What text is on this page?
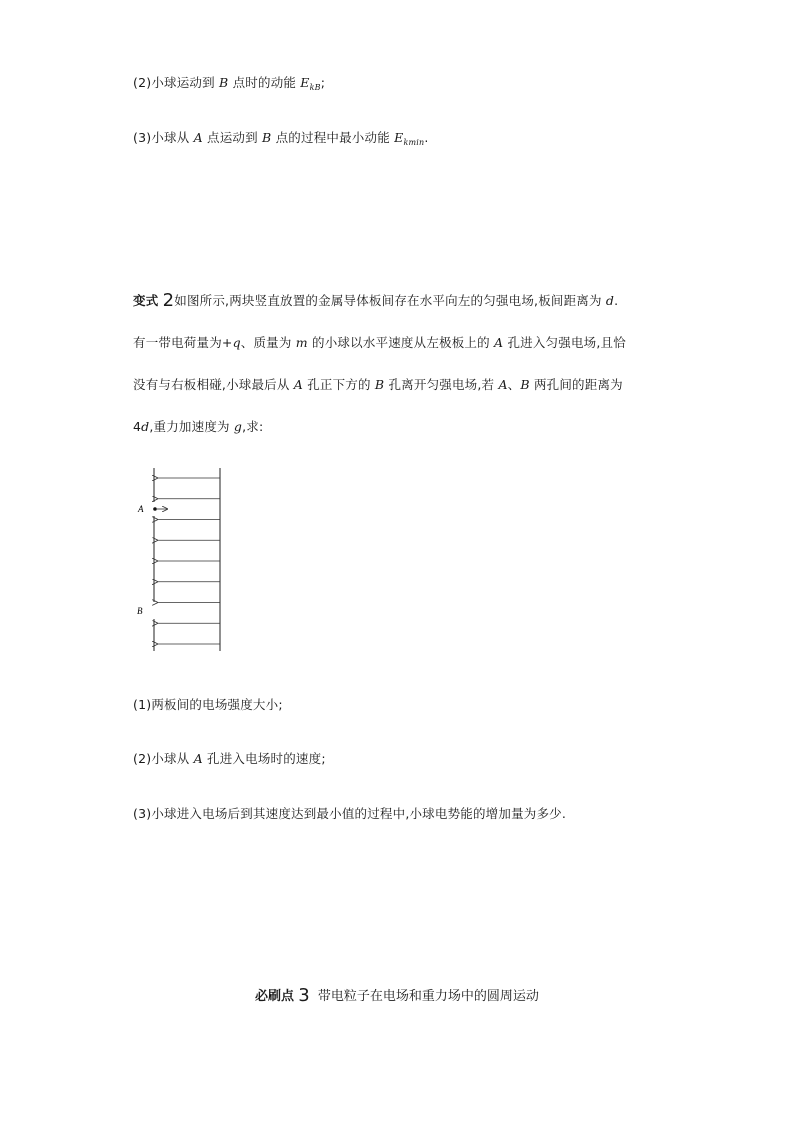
(2)小球运动到 B 点时的动能 $E_{kB}$;
(3)小球从 A 点运动到 B 点的过程中最小动能 $E_{kmin}$.
变式 2如图所示,两块竖直放置的金属导体板间存在水平向左的匀强电场,板间距离为 d.
有一带电荷量为+q、质量为 m 的小球以水平速度从左极板上的 A 孔进入匀强电场,且恰
没有与右板相碰,小球最后从 A 孔正下方的 B 孔离开匀强电场,若 A、B 两孔间的距离为
4d,重力加速度为 g,求:
A
B
(1)两板间的电场强度大小;
(2)小球从 A 孔进入电场时的速度;
(3)小球进入电场后到其速度达到最小值的过程中,小球电势能的增加量为多少.
必刷点 3 带电粒子在电场和重力场中的圆周运动
